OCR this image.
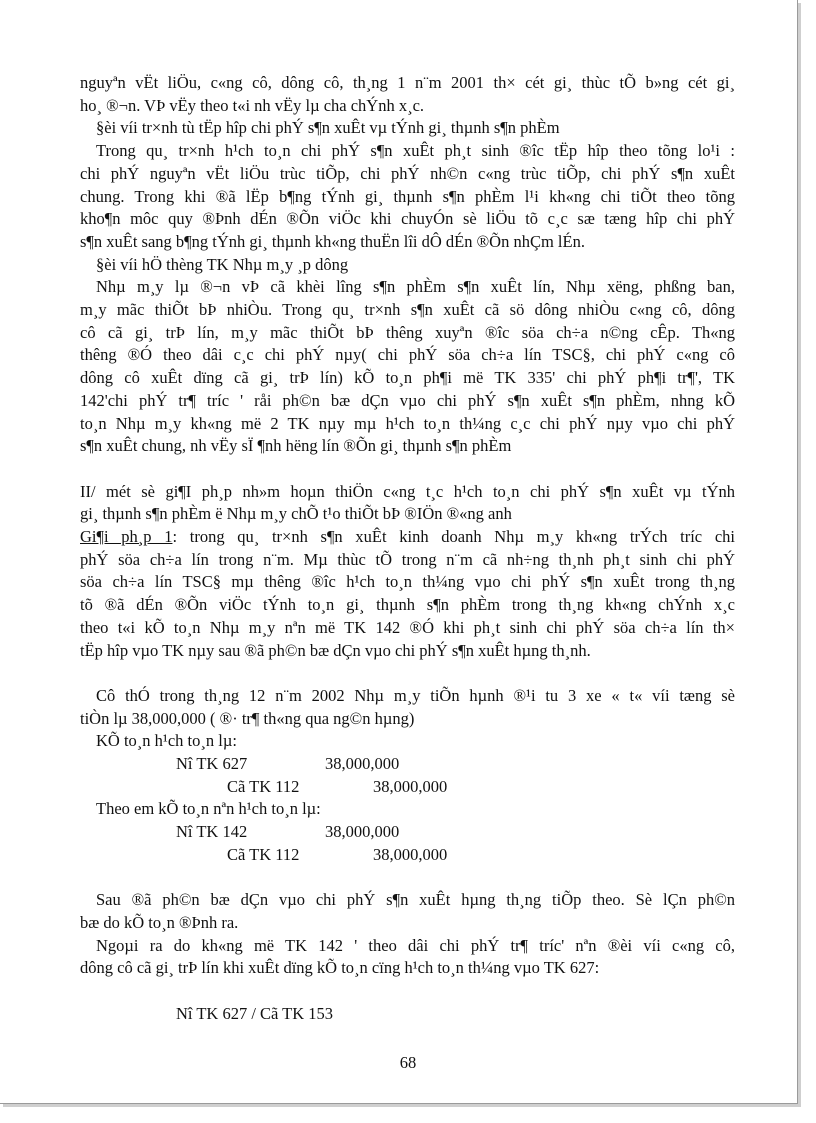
nguyªn vËt liÖu, c«ng cô, dông cô, th¸ng 1 n¨m 2001 th× cét gi¸ thùc tÕ b»ng cét gi¸

ho¸ ®¬n. VÞ vËy theo t«i nh vËy lµ cha chÝnh x¸c.

§èi víi tr×nh tù tËp hîp chi phÝ s¶n xuÊt vµ tÝnh gi¸ thµnh s¶n phÈm

Trong qu¸ tr×nh h¹ch to¸n chi phÝ s¶n xuÊt ph¸t sinh ®îc tËp hîp theo tõng lo¹i :

chi phÝ nguyªn vËt liÖu trùc tiÕp, chi phÝ nh©n c«ng trùc tiÕp, chi phÝ s¶n xuÊt

chung. Trong khi ®ã lËp b¶ng tÝnh gi¸ thµnh s¶n phÈm l¹i kh«ng chi tiÕt theo tõng

kho¶n môc quy ®Þnh dÉn ®Õn viÖc khi chuyÓn sè liÖu tõ c¸c sæ tæng hîp chi phÝ

s¶n xuÊt sang b¶ng tÝnh gi¸ thµnh kh«ng thuËn lîi dÔ dÉn ®Õn nhÇm lÉn.

§èi víi hÖ thèng TK Nhµ m¸y ¸p dông

Nhµ m¸y lµ ®¬n vÞ cã khèi lîng s¶n phÈm s¶n xuÊt lín, Nhµ xëng, phßng ban,

m¸y mãc thiÕt bÞ nhiÒu. Trong qu¸ tr×nh s¶n xuÊt cã sö dông nhiÒu c«ng cô, dông

cô cã gi¸ trÞ lín, m¸y mãc thiÕt bÞ thêng xuyªn ®îc söa ch÷a n©ng cÊp. Th«ng

thêng ®Ó theo dâi c¸c chi phÝ nµy( chi phÝ söa ch÷a lín TSC§, chi phÝ c«ng cô

dông cô xuÊt dïng cã gi¸ trÞ lín) kÕ to¸n ph¶i më TK 335' chi phÝ ph¶i tr¶', TK

142'chi phÝ tr¶ tríc ' råi ph©n bæ dÇn vµo chi phÝ s¶n xuÊt s¶n phÈm, nhng kÕ

to¸n Nhµ m¸y kh«ng më 2 TK nµy mµ h¹ch to¸n th¼ng c¸c chi phÝ nµy vµo chi phÝ

s¶n xuÊt chung, nh vËy sÏ ¶nh hëng lín ®Õn gi¸ thµnh s¶n phÈm

II/ mét sè gi¶I ph¸p nh»m hoµn thiÖn c«ng t¸c h¹ch to¸n chi phÝ s¶n xuÊt vµ tÝnh

gi¸ thµnh s¶n phÈm ë Nhµ m¸y chÕ t¹o thiÕt bÞ ®IÖn ®«ng anh

Gi¶i ph¸p 1: trong qu¸ tr×nh s¶n xuÊt kinh doanh Nhµ m¸y kh«ng trÝch tríc chi

phÝ söa ch÷a lín trong n¨m. Mµ thùc tÕ trong n¨m cã nh÷ng th¸nh ph¸t sinh chi phÝ

söa ch÷a lín TSC§ mµ thêng ®îc h¹ch to¸n th¼ng vµo chi phÝ s¶n xuÊt trong th¸ng

tõ ®ã dÉn ®Õn viÖc tÝnh to¸n gi¸ thµnh s¶n phÈm trong th¸ng kh«ng chÝnh x¸c

theo t«i kÕ to¸n Nhµ m¸y nªn më TK 142 ®Ó khi ph¸t sinh chi phÝ söa ch÷a lín th×

tËp hîp vµo TK nµy sau ®ã ph©n bæ dÇn vµo chi phÝ s¶n xuÊt hµng th¸nh.

Cô thÓ trong th¸ng 12 n¨m 2002 Nhµ m¸y tiÕn hµnh ®¹i tu 3 xe « t« víi tæng sè

tiÒn lµ 38,000,000 ( ®· tr¶ th«ng qua ng©n hµng)

KÕ to¸n h¹ch to¸n lµ:

Nî TK 627	38,000,000
Cã TK 112	38,000,000

Theo em kÕ to¸n nªn h¹ch to¸n lµ:

Nî TK 142	38,000,000
Cã TK 112	38,000,000

Sau ®ã ph©n bæ dÇn vµo chi phÝ s¶n xuÊt hµng th¸ng tiÕp theo. Sè lÇn ph©n

bæ do kÕ to¸n ®Þnh ra.

Ngoµi ra do kh«ng më TK 142 ' theo dâi chi phÝ tr¶ tríc' nªn ®èi víi c«ng cô,

dông cô cã gi¸ trÞ lín khi xuÊt dïng kÕ to¸n cïng h¹ch to¸n th¼ng vµo TK 627:

Nî TK 627 / Cã TK 153
68
